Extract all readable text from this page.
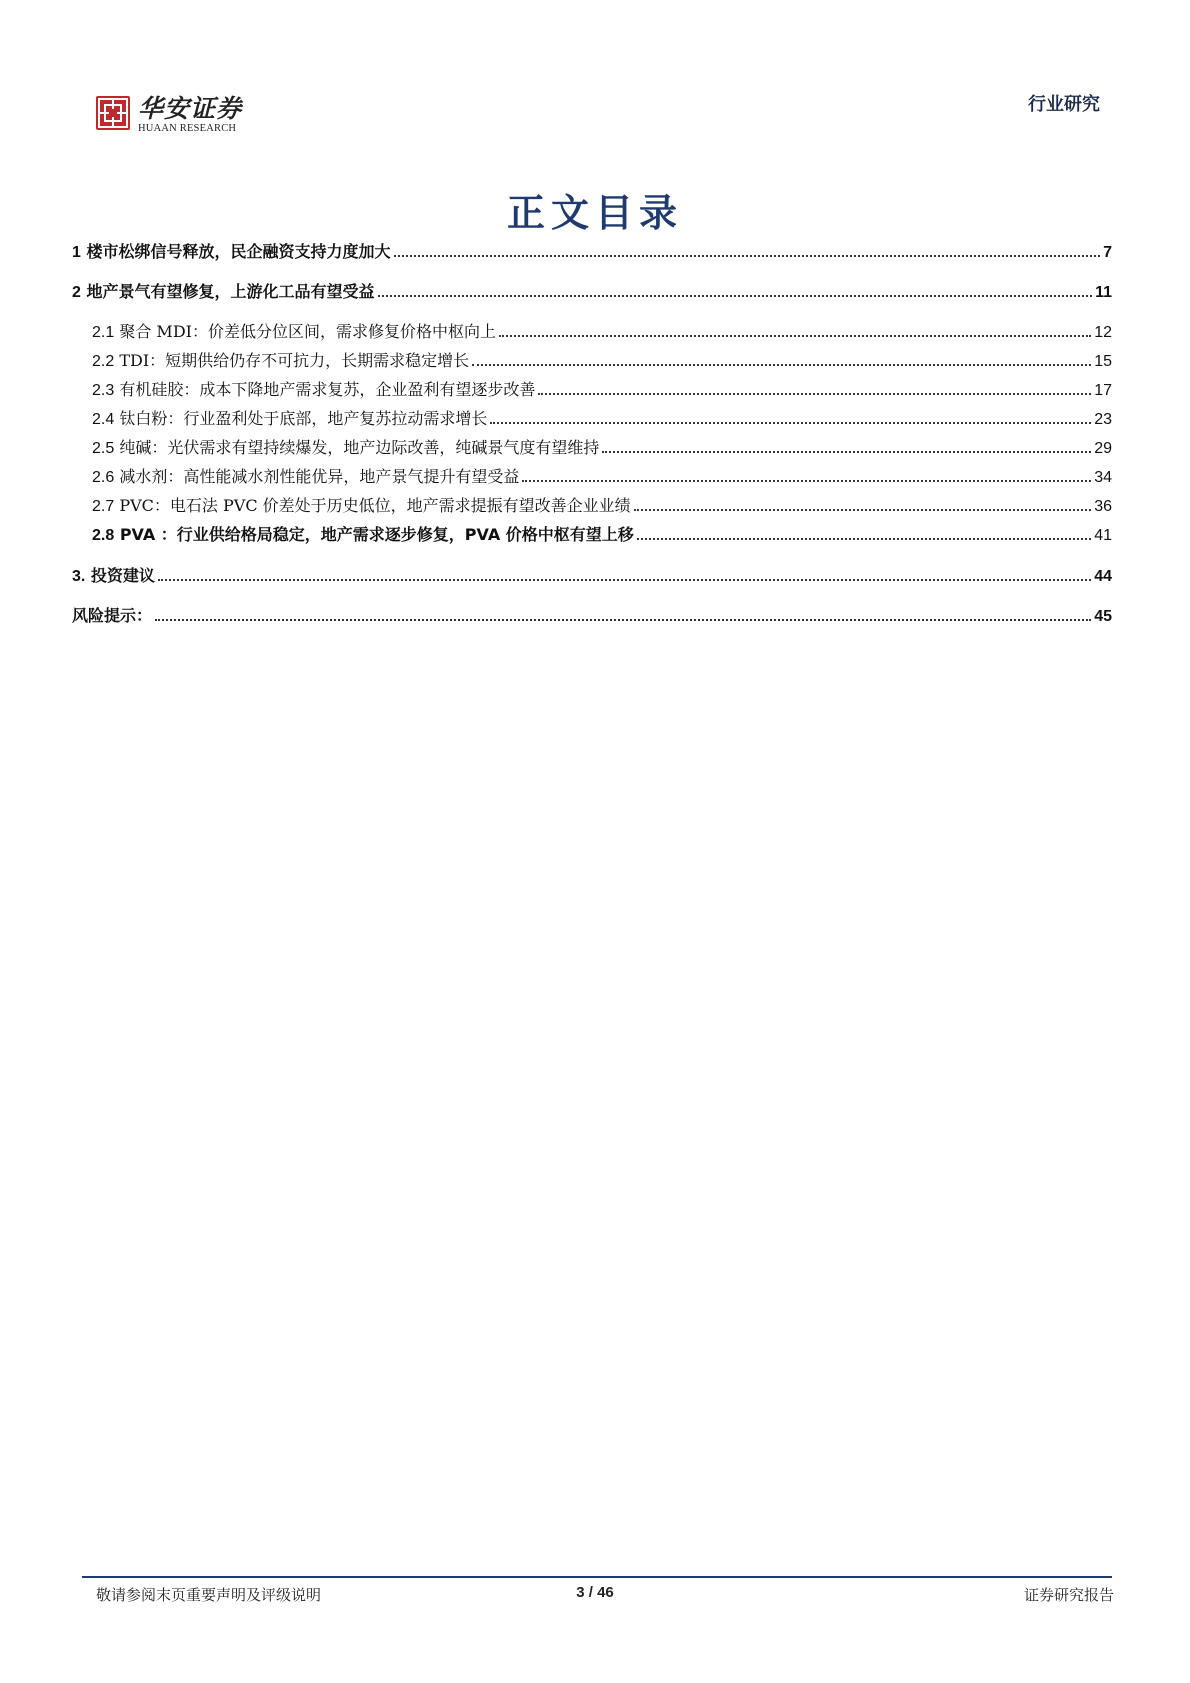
华安证券
HUAAN RESEARCH
行业研究
正文目录
1 楼市松绑信号释放，民企融资支持力度加大	7
2 地产景气有望修复，上游化工品有望受益	11
2.1 聚合 MDI：价差低分位区间，需求修复价格中枢向上	12
2.2 TDI：短期供给仍存不可抗力，长期需求稳定增长	15
2.3 有机硅胶：成本下降地产需求复苏，企业盈利有望逐步改善	17
2.4 钛白粉：行业盈利处于底部，地产复苏拉动需求增长	23
2.5 纯碱：光伏需求有望持续爆发，地产边际改善，纯碱景气度有望维持	29
2.6 减水剂：高性能减水剂性能优异，地产景气提升有望受益	34
2.7 PVC：电石法 PVC 价差处于历史低位，地产需求提振有望改善企业业绩	36
2.8 PVA ：行业供给格局稳定，地产需求逐步修复，PVA 价格中枢有望上移	41
3. 投资建议	44
风险提示：	45
敬请参阅末页重要声明及评级说明	3 / 46	证券研究报告
